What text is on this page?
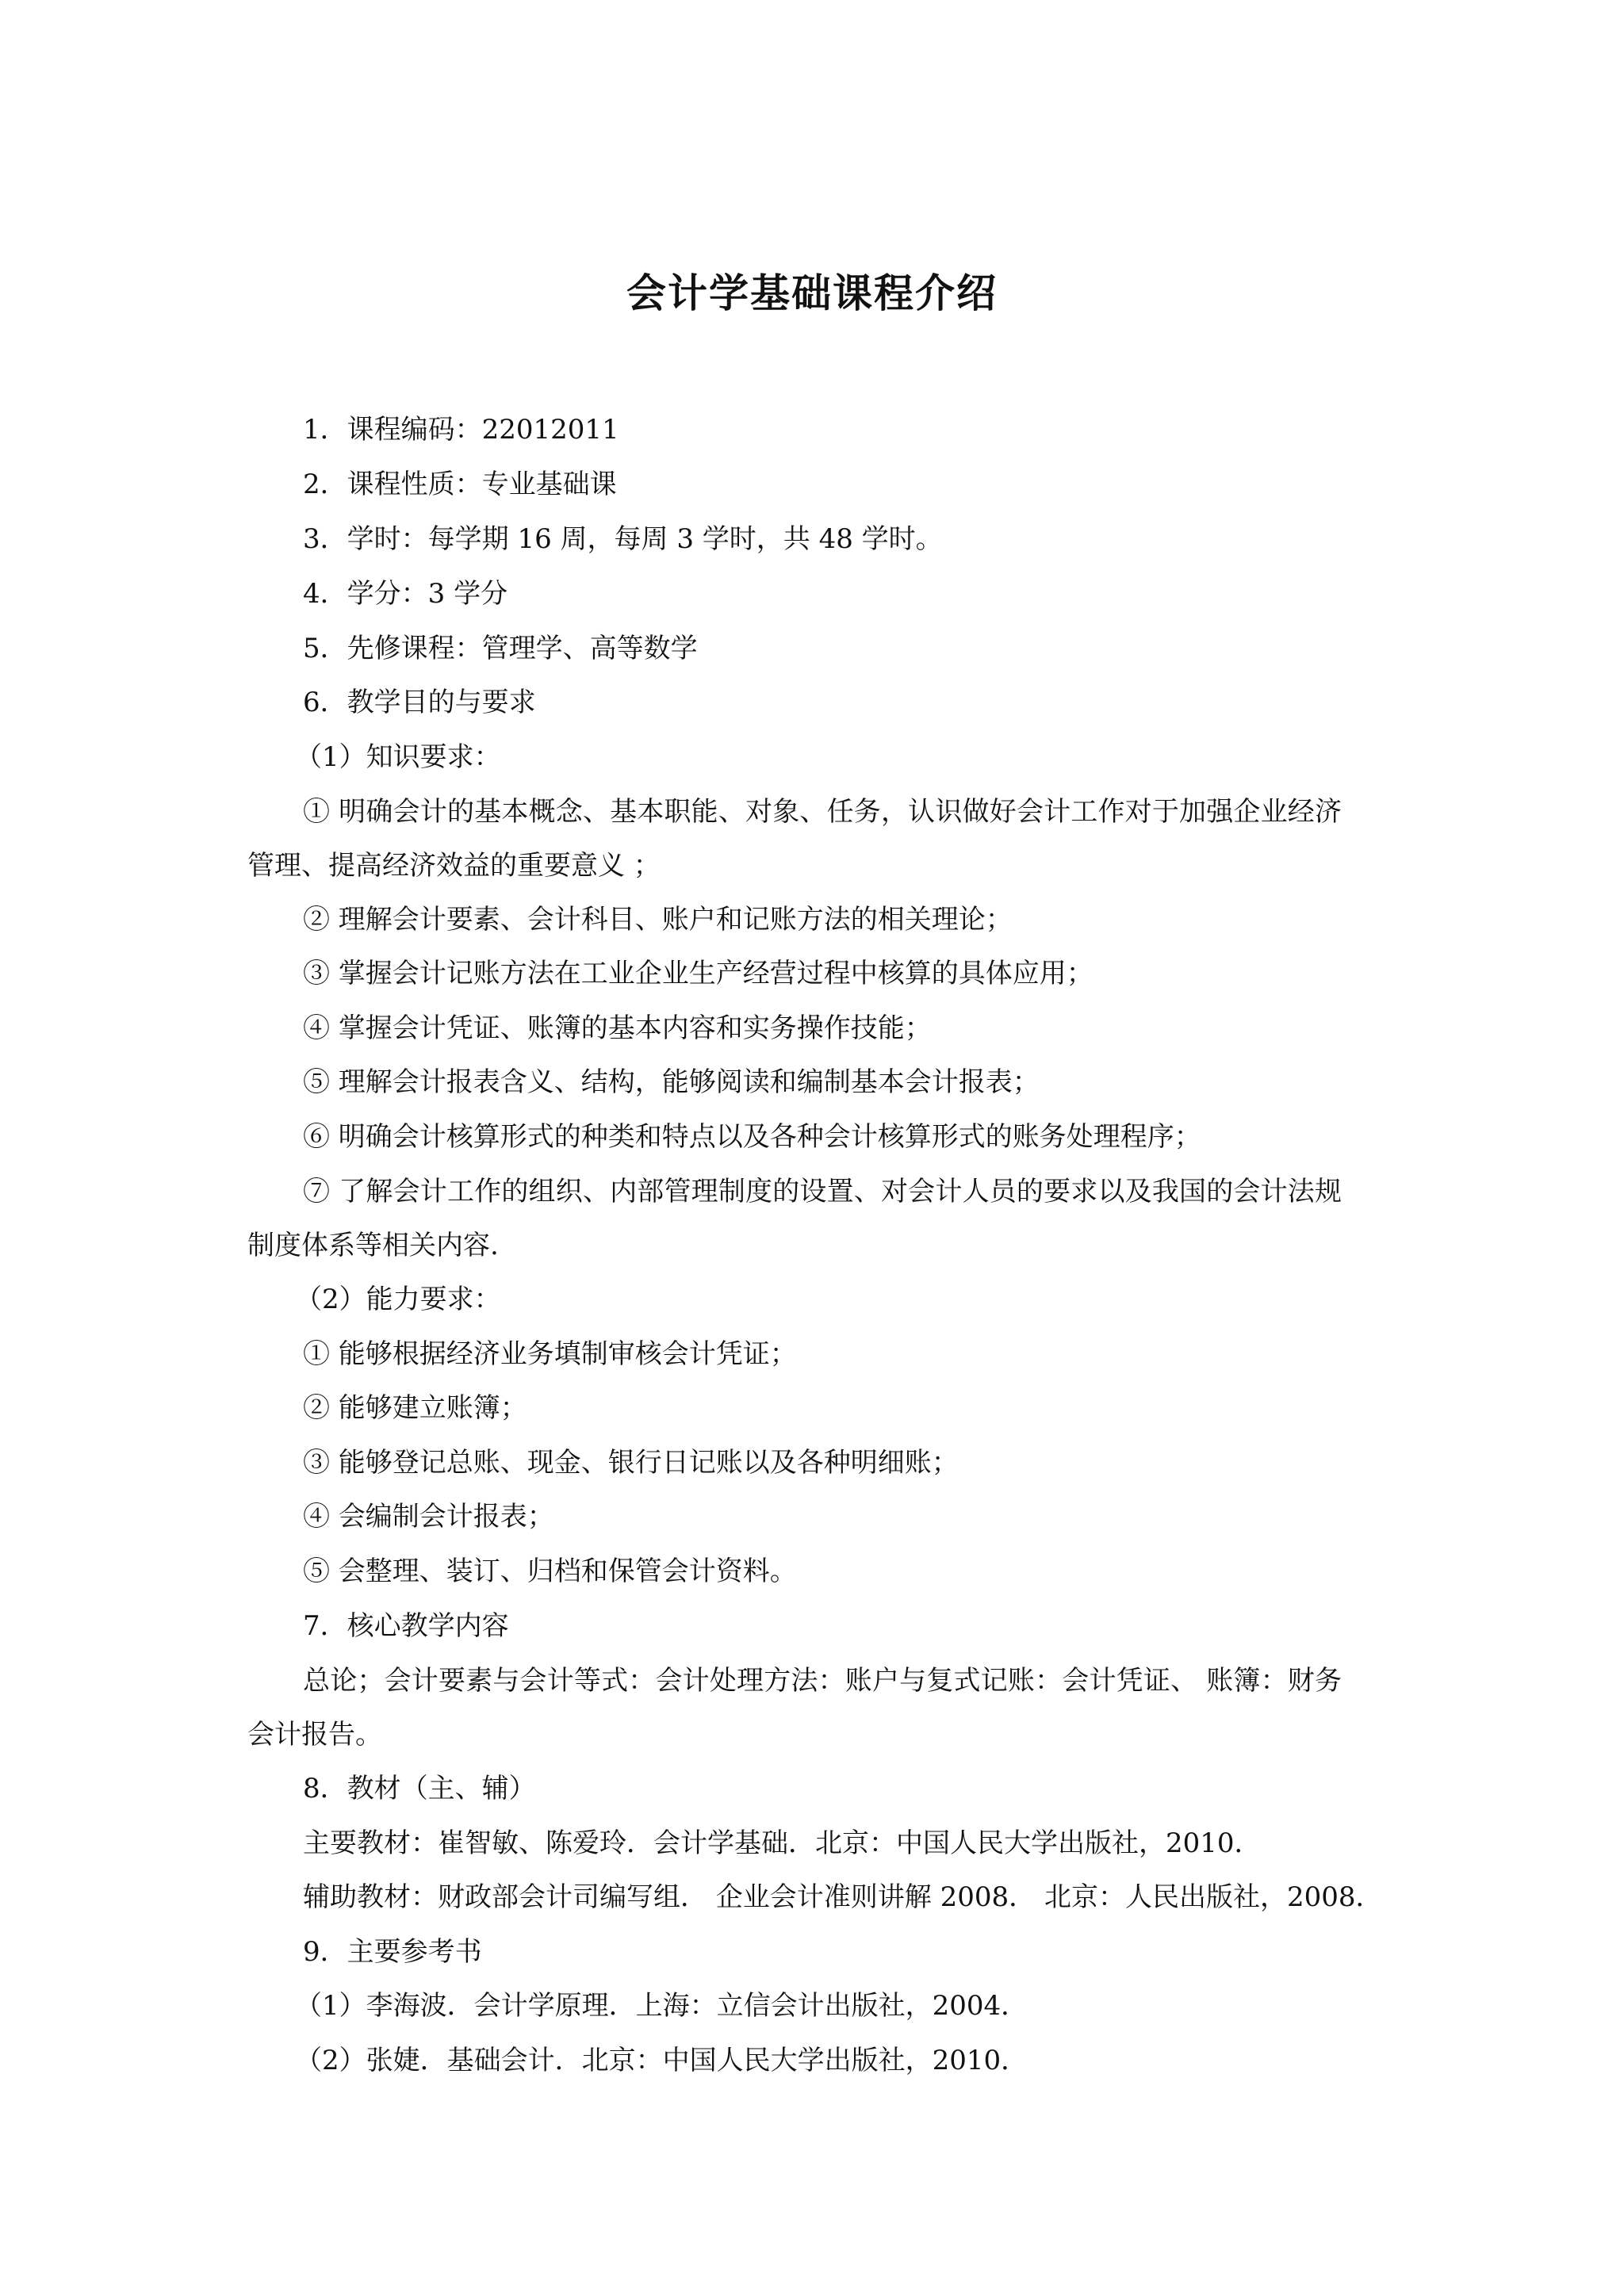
会计学基础课程介绍
1．课程编码：22012011
2．课程性质：专业基础课
3．学时：每学期 16 周，每周 3 学时，共 48 学时。
4．学分：3 学分
5．先修课程：管理学、高等数学
6．教学目的与要求
（1）知识要求：
① 明确会计的基本概念、基本职能、对象、任务，认识做好会计工作对于加强企业经济管理、提高经济效益的重要意义 ；
② 理解会计要素、会计科目、账户和记账方法的相关理论；
③ 掌握会计记账方法在工业企业生产经营过程中核算的具体应用；
④ 掌握会计凭证、账簿的基本内容和实务操作技能；
⑤ 理解会计报表含义、结构，能够阅读和编制基本会计报表；
⑥ 明确会计核算形式的种类和特点以及各种会计核算形式的账务处理程序；
⑦ 了解会计工作的组织、内部管理制度的设置、对会计人员的要求以及我国的会计法规制度体系等相关内容.
（2）能力要求：
① 能够根据经济业务填制审核会计凭证；
② 能够建立账簿；
③ 能够登记总账、现金、银行日记账以及各种明细账；
④ 会编制会计报表；
⑤ 会整理、装订、归档和保管会计资料。
7．核心教学内容
总论；会计要素与会计等式：会计处理方法：账户与复式记账：会计凭证、 账簿：财务会计报告。
8．教材（主、辅）
主要教材：崔智敏、陈爱玲．会计学基础．北京：中国人民大学出版社，2010．
辅助教材：财政部会计司编写组． 企业会计准则讲解 2008． 北京：人民出版社，2008．
9．主要参考书
（1）李海波．会计学原理．上海：立信会计出版社，2004．
（2）张婕．基础会计．北京：中国人民大学出版社，2010．
